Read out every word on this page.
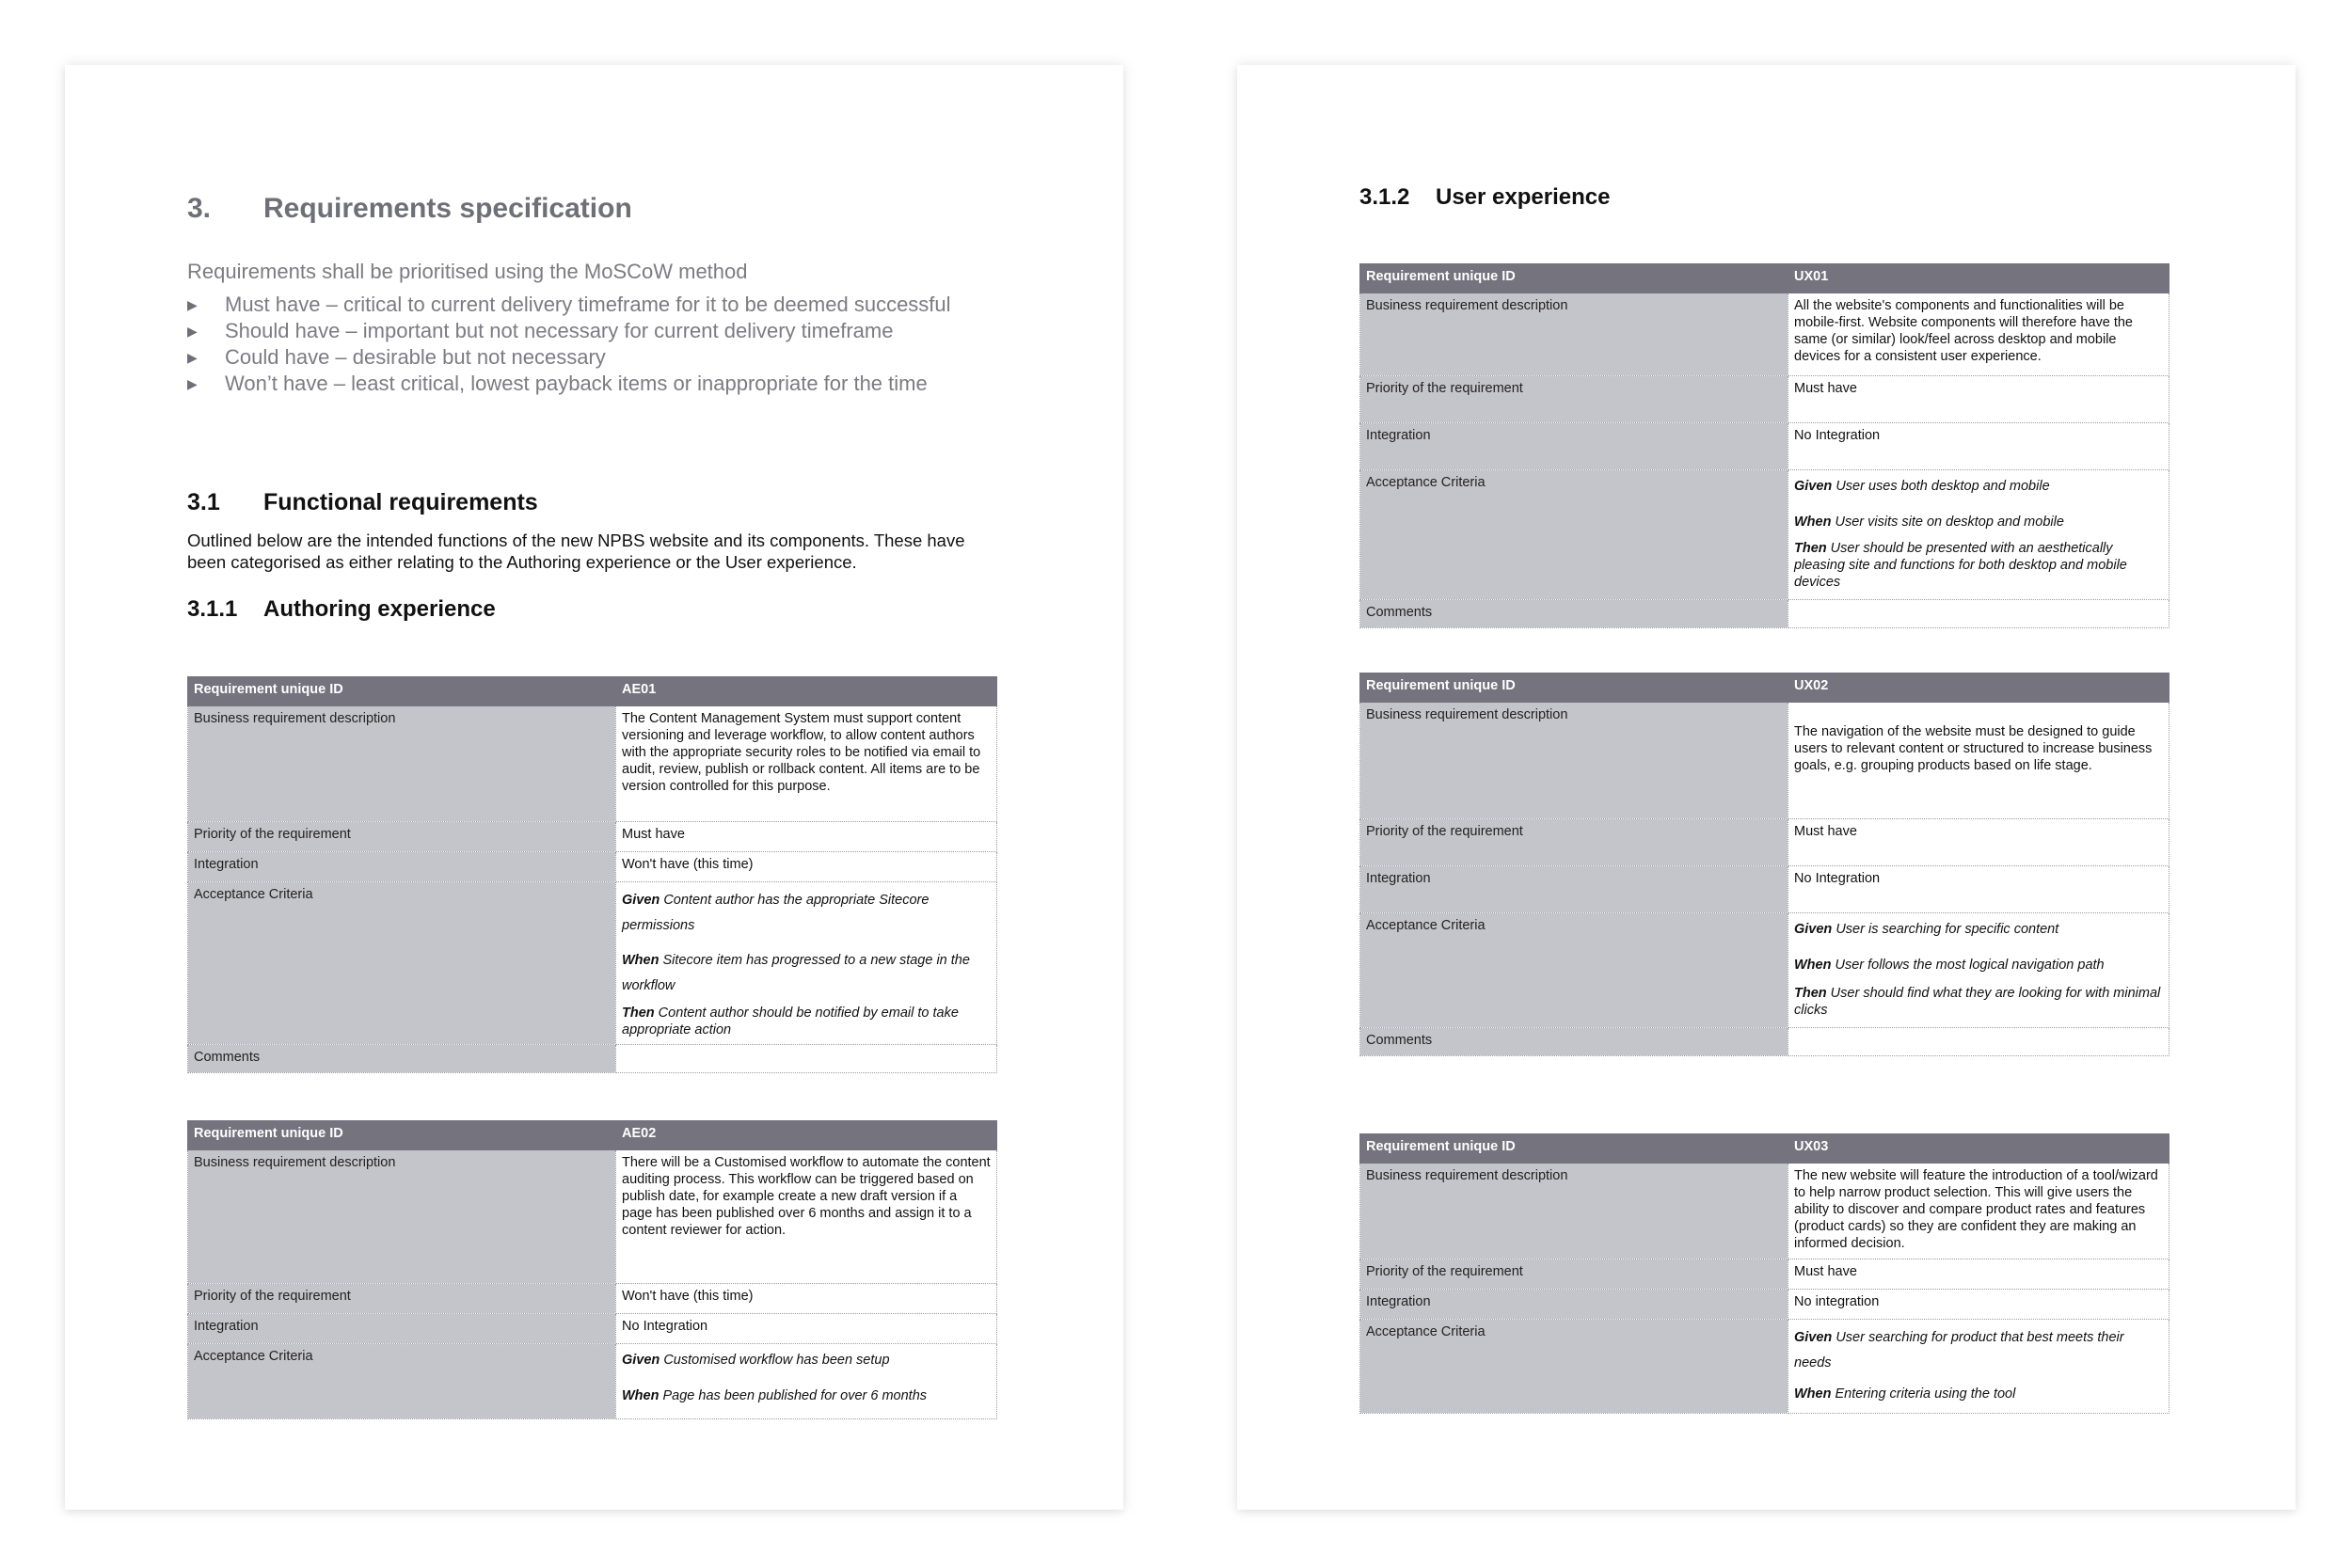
3. Requirements specification

Requirements shall be prioritised using the MoSCoW method

▶ Must have – critical to current delivery timeframe for it to be deemed successful
▶ Should have – important but not necessary for current delivery timeframe
▶ Could have – desirable but not necessary
▶ Won’t have – least critical, lowest payback items or inappropriate for the time

3.1 Functional requirements

Outlined below are the intended functions of the new NPBS website and its components. These have been categorised as either relating to the Authoring experience or the User experience.

3.1.1 Authoring experience

Requirement unique ID	AE01
Business requirement description	The Content Management System must support content versioning and leverage workflow, to allow content authors with the appropriate security roles to be notified via email to audit, review, publish or rollback content. All items are to be version controlled for this purpose.
Priority of the requirement	Must have
Integration	Won't have (this time)
Acceptance Criteria	Given Content author has the appropriate Sitecore permissions

When Sitecore item has progressed to a new stage in the workflow

Then Content author should be notified by email to take appropriate action

Comments	
Requirement unique ID	AE02
Business requirement description	There will be a Customised workflow to automate the content auditing process. This workflow can be triggered based on publish date, for example create a new draft version if a page has been published over 6 months and assign it to a content reviewer for action.
Priority of the requirement	Won't have (this time)
Integration	No Integration
Acceptance Criteria	Given Customised workflow has been setup

When Page has been published for over 6 months

3.1.2 User experience

Requirement unique ID	UX01
Business requirement description	All the website's components and functionalities will be mobile-first. Website components will therefore have the same (or similar) look/feel across desktop and mobile devices for a consistent user experience.
Priority of the requirement	Must have
Integration	No Integration
Acceptance Criteria	Given User uses both desktop and mobile

When User visits site on desktop and mobile

Then User should be presented with an aesthetically pleasing site and functions for both desktop and mobile devices

Comments	
Requirement unique ID	UX02
Business requirement description	The navigation of the website must be designed to guide users to relevant content or structured to increase business goals, e.g. grouping products based on life stage.
Priority of the requirement	Must have
Integration	No Integration
Acceptance Criteria	Given User is searching for specific content

When User follows the most logical navigation path

Then User should find what they are looking for with minimal clicks

Comments	
Requirement unique ID	UX03
Business requirement description	The new website will feature the introduction of a tool/wizard to help narrow product selection. This will give users the ability to discover and compare product rates and features (product cards) so they are confident they are making an informed decision.
Priority of the requirement	Must have
Integration	No integration
Acceptance Criteria	Given User searching for product that best meets their needs

When Entering criteria using the tool
